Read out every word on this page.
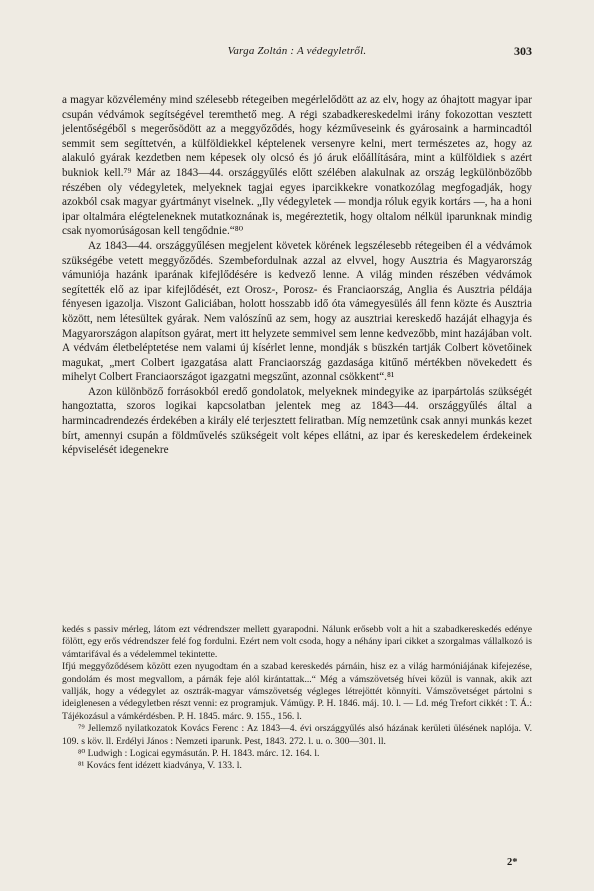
Varga Zoltán : A védegyletről.	303

a magyar közvélemény mind szélesebb rétegeiben megérlelődött az az elv, hogy az óhajtott magyar ipar csupán védvámok segítségével teremthető meg. A régi szabadkereskedelmi irány fokozottan vesztett jelentőségéből s megerősödött az a meggyőződés, hogy kézműveseink és gyárosaink a harmincadtól semmit sem segíttetvén, a külföldiekkel képtelenek versenyre kelni, mert természetes az, hogy az alakuló gyárak kezdetben nem képesek oly olcsó és jó áruk előállítására, mint a külföldiek s azért bukniok kell.⁷⁹ Már az 1843—44. országgyűlés előtt szélében alakulnak az ország legkülönbözőbb részében oly védegyletek, melyeknek tagjai egyes iparcikkekre vonatkozólag megfogadják, hogy azokból csak magyar gyártmányt viselnek. „Ily védegyletek — mondja róluk egyik kortárs —, ha a honi ipar oltalmára elégteleneknek mutatkoznának is, megéreztetik, hogy oltalom nélkül iparunknak mindig csak nyomorúságosan kell tengődnie.“⁸⁰

Az 1843—44. országgyűlésen megjelent követek körének legszélesebb rétegeiben él a védvámok szükségébe vetett meggyőződés. Szembefordulnak azzal az elvvel, hogy Ausztria és Magyarország vámuniója hazánk iparának kifejlődésére is kedvező lenne. A világ minden részében védvámok segítették elő az ipar kifejlődését, ezt Orosz-, Porosz- és Franciaország, Anglia és Ausztria példája fényesen igazolja. Viszont Galiciában, holott hosszabb idő óta vámegyesülés áll fenn közte és Ausztria között, nem létesültek gyárak. Nem valószínű az sem, hogy az ausztriai kereskedő hazáját elhagyja és Magyarországon alapítson gyárat, mert itt helyzete semmivel sem lenne kedvezőbb, mint hazájában volt. A védvám életbeléptetése nem valami új kísérlet lenne, mondják s büszkén tartják Colbert követőinek magukat, „mert Colbert igazgatása alatt Franciaország gazdasága kitűnő mértékben növekedett és mihelyt Colbert Franciaországot igazgatni megszűnt, azonnal csökkent“.⁸¹

Azon különböző forrásokból eredő gondolatok, melyeknek mindegyike az iparpártolás szükségét hangoztatta, szoros logikai kapcsolatban jelentek meg az 1843—44. országgyűlés által a harmincadrendezés érdekében a király elé terjesztett feliratban. Míg nemzetünk csak annyi munkás kezet bírt, amennyi csupán a földművelés szükségeit volt képes ellátni, az ipar és kereskedelem érdekeinek képviselését idegenekre

kedés s passiv mérleg, látom ezt védrendszer mellett gyarapodni. Nálunk erősebb volt a hit a szabadkereskedés edénye fölött, egy erős védrendszer felé fog fordulni. Ezért nem volt csoda, hogy a néhány ipari cikket a szorgalmas vállalkozó is vámtarifával és a védelemmel tekintette.

Ifjú meggyőződésem között ezen nyugodtam én a szabad kereskedés párnáin, hisz ez a világ harmóniájának kifejezése, gondolám és most megvallom, a párnák feje alól kirántattak...“ Még a vámszövetség hívei közül is vannak, akik azt vallják, hogy a védegylet az osztrák-magyar vámszövetség végleges létrejöttét könnyíti. Vámszövetséget pártolni s ideiglenesen a védegyletben részt venni: ez programjuk. Vámügy. P. H. 1846. máj. 10. l. — Ld. még Trefort cikkét : T. Á.: Tájékozásul a vámkérdésben. P. H. 1845. márc. 9. 155., 156. l.

⁷⁹ Jellemző nyilatkozatok Kovács Ferenc : Az 1843—4. évi országgyűlés alsó házának kerületi ülésének naplója. V. 109. s köv. ll. Erdélyi János : Nemzeti iparunk. Pest, 1843. 272. l. u. o. 300—301. ll.

⁸⁰ Ludwigh : Logicai egymásután. P. H. 1843. márc. 12. 164. l.

⁸¹ Kovács fent idézett kiadványa, V. 133. l.

2*
